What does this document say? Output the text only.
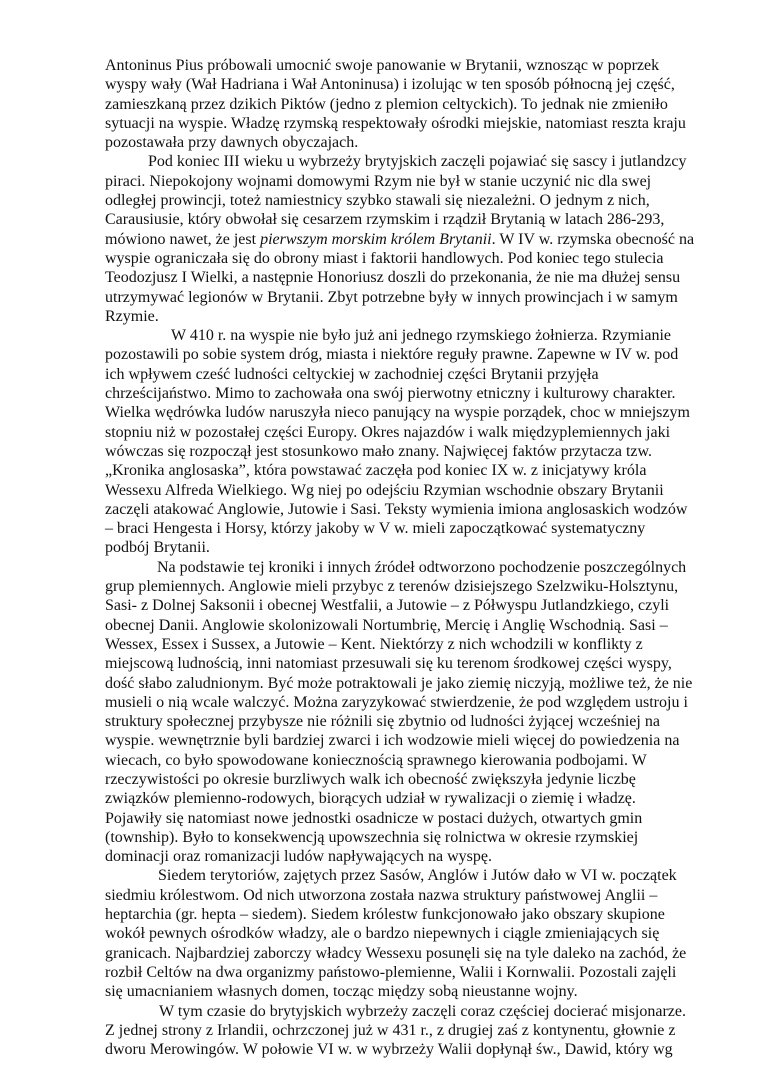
Antoninus Pius próbowali umocnić swoje panowanie w Brytanii, wznosząc w poprzek
wyspy wały (Wał Hadriana i Wał Antoninusa) i izolując w ten sposób północną jej część,
zamieszkaną przez dzikich Piktów (jedno z plemion celtyckich). To jednak nie zmieniło
sytuacji na wyspie. Władzę rzymską respektowały ośrodki miejskie, natomiast reszta kraju
pozostawała przy dawnych obyczajach.
Pod koniec III wieku u wybrzeży brytyjskich zaczęli pojawiać się sascy i jutlandzcy
piraci. Niepokojony wojnami domowymi Rzym nie był w stanie uczynić nic dla swej
odległej prowincji, toteż namiestnicy szybko stawali się niezależni. O jednym z nich,
Carausiusie, który obwołał się cesarzem rzymskim i rządził Brytanią w latach 286-293,
mówiono nawet, że jest pierwszym morskim królem Brytanii. W IV w. rzymska obecność na
wyspie ograniczała się do obrony miast i faktorii handlowych. Pod koniec tego stulecia
Teodozjusz I Wielki, a następnie Honoriusz doszli do przekonania, że nie ma dłużej sensu
utrzymywać legionów w Brytanii. Zbyt potrzebne były w innych prowincjach i w samym
Rzymie.
W 410 r. na wyspie nie było już ani jednego rzymskiego żołnierza. Rzymianie
pozostawili po sobie system dróg, miasta i niektóre reguły prawne. Zapewne w IV w. pod
ich wpływem cześć ludności celtyckiej w zachodniej części Brytanii przyjęła
chrześcijaństwo. Mimo to zachowała ona swój pierwotny etniczny i kulturowy charakter.
Wielka wędrówka ludów naruszyła nieco panujący na wyspie porządek, choc w mniejszym
stopniu niż w pozostałej części Europy. Okres najazdów i walk międzyplemiennych jaki
wówczas się rozpoczął jest stosunkowo mało znany. Najwięcej faktów przytacza tzw.
„Kronika anglosaska”, która powstawać zaczęła pod koniec IX w. z inicjatywy króla
Wessexu Alfreda Wielkiego. Wg niej po odejściu Rzymian wschodnie obszary Brytanii
zaczęli atakować Anglowie, Jutowie i Sasi. Teksty wymienia imiona anglosaskich wodzów
– braci Hengesta i Horsy, którzy jakoby w V w. mieli zapoczątkować systematyczny
podbój Brytanii.
Na podstawie tej kroniki i innych źródeł odtworzono pochodzenie poszczególnych
grup plemiennych. Anglowie mieli przybyc z terenów dzisiejszego Szelzwiku-Holsztynu,
Sasi- z Dolnej Saksonii i obecnej Westfalii, a Jutowie – z Półwyspu Jutlandzkiego, czyli
obecnej Danii. Anglowie skolonizowali Nortumbrię, Mercię i Anglię Wschodnią. Sasi –
Wessex, Essex i Sussex, a Jutowie – Kent. Niektórzy z nich wchodzili w konflikty z
miejscową ludnością, inni natomiast przesuwali się ku terenom środkowej części wyspy,
dość słabo zaludnionym. Być może potraktowali je jako ziemię niczyją, możliwe też, że nie
musieli o nią wcale walczyć. Można zaryzykować stwierdzenie, że pod względem ustroju i
struktury społecznej przybysze nie różnili się zbytnio od ludności żyjącej wcześniej na
wyspie. wewnętrznie byli bardziej zwarci i ich wodzowie mieli więcej do powiedzenia na
wiecach, co było spowodowane koniecznością sprawnego kierowania podbojami. W
rzeczywistości po okresie burzliwych walk ich obecność zwiększyła jedynie liczbę
związków plemienno-rodowych, biorących udział w rywalizacji o ziemię i władzę.
Pojawiły się natomiast nowe jednostki osadnicze w postaci dużych, otwartych gmin
(township). Było to konsekwencją upowszechnia się rolnictwa w okresie rzymskiej
dominacji oraz romanizacji ludów napływających na wyspę.
Siedem terytoriów, zajętych przez Sasów, Anglów i Jutów dało w VI w. początek
siedmiu królestwom. Od nich utworzona została nazwa struktury państwowej Anglii –
heptarchia (gr. hepta – siedem). Siedem królestw funkcjonowało jako obszary skupione
wokół pewnych ośrodków władzy, ale o bardzo niepewnych i ciągle zmieniających się
granicach. Najbardziej zaborczy władcy Wessexu posunęli się na tyle daleko na zachód, że
rozbił Celtów na dwa organizmy państowo-plemienne, Walii i Kornwalii. Pozostali zajęli
się umacnianiem własnych domen, tocząc między sobą nieustanne wojny.
W tym czasie do brytyjskich wybrzeży zaczęli coraz częściej docierać misjonarze.
Z jednej strony z Irlandii, ochrzczonej już w 431 r., z drugiej zaś z kontynentu, głownie z
dworu Merowingów. W połowie VI w. w wybrzeży Walii dopłynął św., Dawid, który wg
